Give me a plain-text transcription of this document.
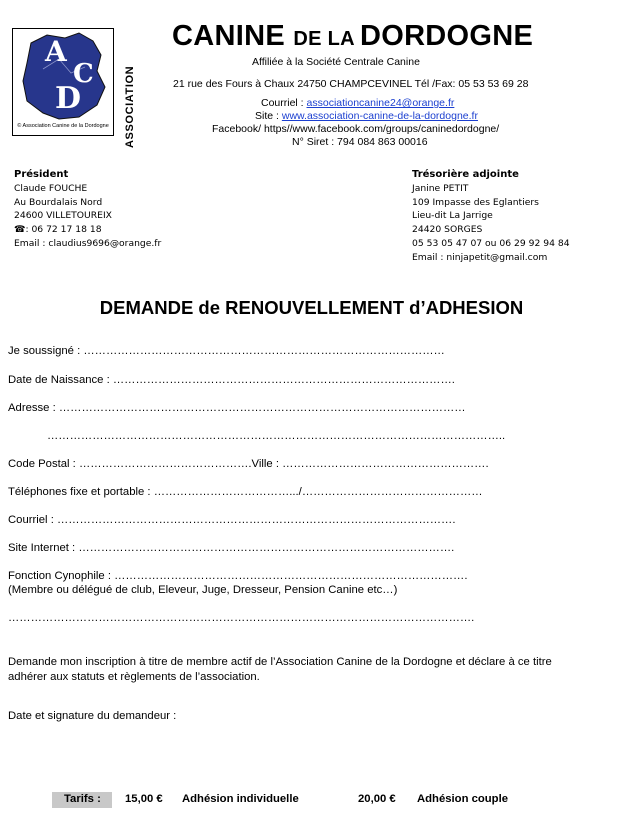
A
C
D
© Association Canine de la Dordogne ASSOCIATION
CANINE DE LA DORDOGNE
Affiliée à la Société Centrale Canine
21 rue des Fours à Chaux 24750 CHAMPCEVINEL Tél /Fax: 05 53 53 69 28
Courriel : associationcanine24@orange.fr
Site : www.association-canine-de-la-dordogne.fr
Facebook/ https//www.facebook.com/groups/caninedordogne/
N° Siret : 794 084 863 00016
Président
Claude FOUCHE
Au Bourdalais Nord
24600 VILLETOUREIX
☎: 06 72 17 18 18
Email : claudius9696@orange.fr
Trésorière adjointe
Janine PETIT
109 Impasse des Eglantiers
Lieu-dit La Jarrige
24420 SORGES
05 53 05 47 07 ou 06 29 92 94 84
Email : ninjapetit@gmail.com
DEMANDE de RENOUVELLEMENT d’ADHESION
Je soussigné : ……………………………………………………………………………………
Date de Naissance : ……………………………………………………………………………….
Adresse : ………………………………………………………………………………………………
…………………………………………………………………………………………………………..
Code Postal : ……………………………………….Ville : ……………………………………………….
Téléphones fixe et portable : ……………………………….../…………………………………………
Courriel : …………………………………………………………………………………………….
Site Internet : ……………………………………………………………………………………….
Fonction Cynophile : ………………………………………………………………………………….
(Membre ou délégué de club, Eleveur, Juge, Dresseur, Pension Canine etc…)
…………………………………………………………………………………………………………….
Demande mon inscription à titre de membre actif de l’Association Canine de la Dordogne et déclare à ce titre
adhérer aux statuts et règlements de l’association.
Date et signature du demandeur :
Tarifs : 15,00 € Adhésion individuelle	20,00 € Adhésion couple
